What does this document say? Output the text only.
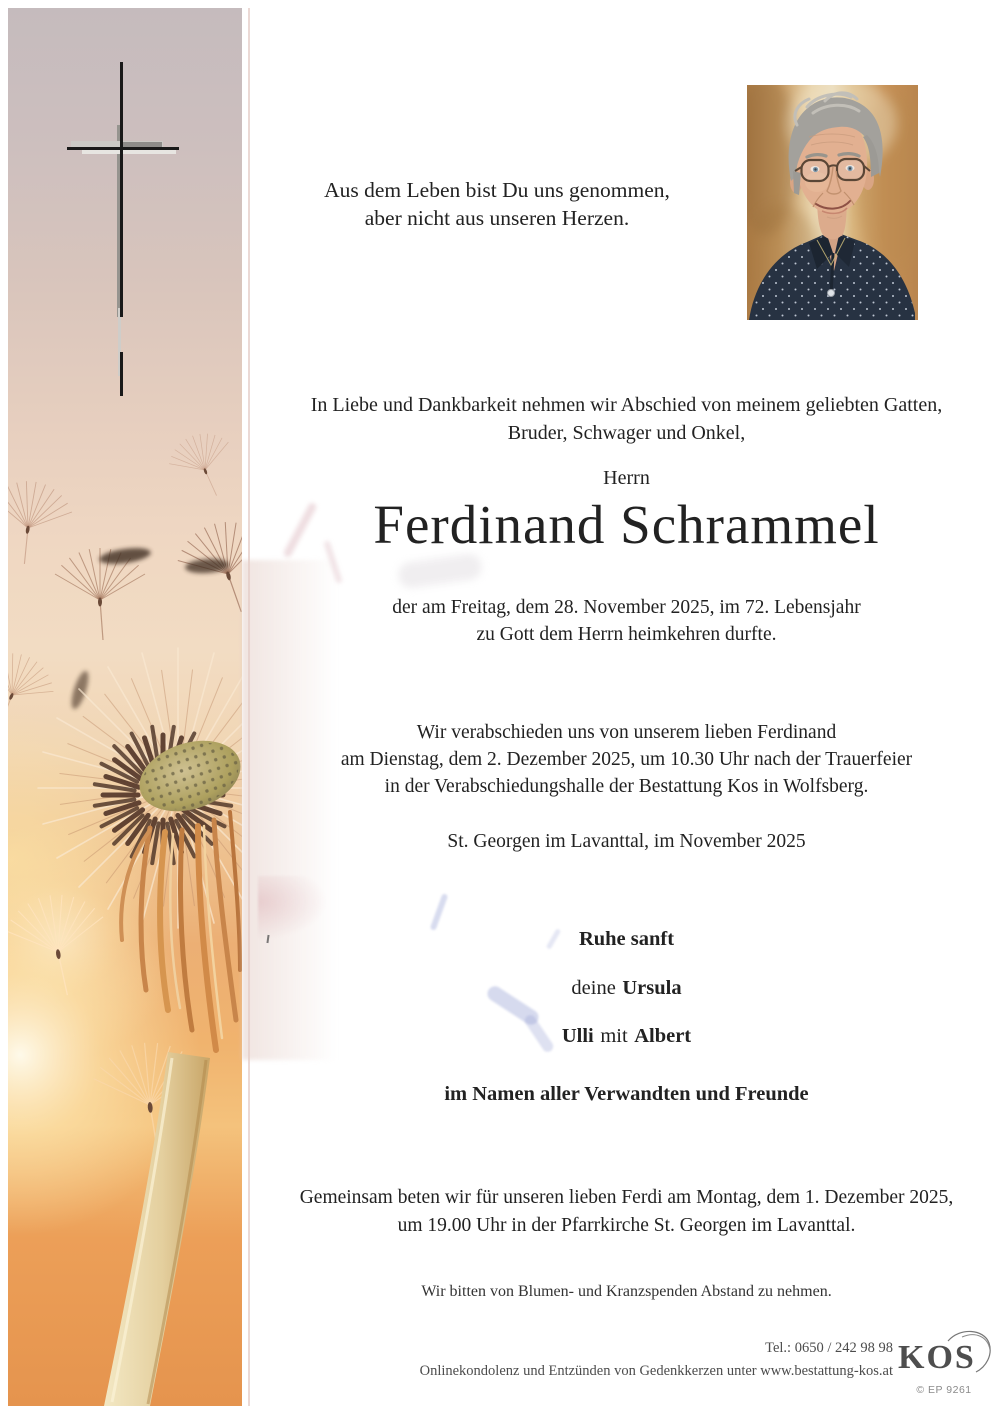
Aus dem Leben bist Du uns genommen,
aber nicht aus unseren Herzen.
In Liebe und Dankbarkeit nehmen wir Abschied von meinem geliebten Gatten,
Bruder, Schwager und Onkel,
Herrn
Ferdinand Schrammel
der am Freitag, dem 28. November 2025, im 72. Lebensjahr
zu Gott dem Herrn heimkehren durfte.
Wir verabschieden uns von unserem lieben Ferdinand
am Dienstag, dem 2. Dezember 2025, um 10.30 Uhr nach der Trauerfeier
in der Verabschiedungshalle der Bestattung Kos in Wolfsberg.
St. Georgen im Lavanttal, im November 2025
Ruhe sanft
deine Ursula
Ulli mit Albert
im Namen aller Verwandten und Freunde
Gemeinsam beten wir für unseren lieben Ferdi am Montag, dem 1. Dezember 2025,
um 19.00 Uhr in der Pfarrkirche St. Georgen im Lavanttal.
Wir bitten von Blumen- und Kranzspenden Abstand zu nehmen.
Tel.: 0650 / 242 98 98
Onlinekondolenz und Entzünden von Gedenkkerzen unter www.bestattung-kos.at KOS
© EP 9261
